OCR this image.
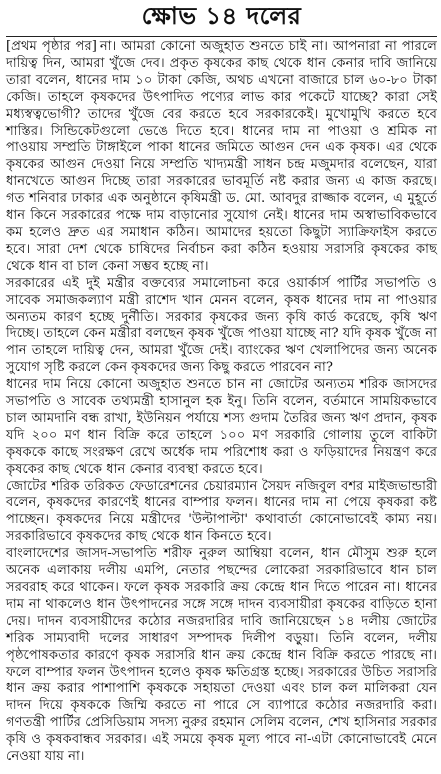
ক্ষোভ ১৪ দলের

[প্রথম পৃষ্ঠার পর] না। আমরা কোনো অজুহাত শুনতে চাই না। আপনারা না পারলে দায়িত্ব দিন, আমরা খুঁজে দেব। প্রকৃত কৃষকের কাছ থেকে ধান কেনার দাবি জানিয়ে তারা বলেন, ধানের দাম ১০ টাকা কেজি, অথচ এখনো বাজারে চাল ৬০-৮০ টাকা কেজি। তাহলে কৃষকদের উৎপাদিত পণ্যের লাভ কার পকেটে যাচ্ছে? কারা সেই মধ্যস্বত্বভোগী? তাদের খুঁজে বের করতে হবে সরকারকেই। মুখোমুখি করতে হবে শাস্তির। সিন্ডিকেটগুলো ভেঙে দিতে হবে। ধানের দাম না পাওয়া ও শ্রমিক না পাওয়ায় সম্প্রতি টাঙ্গাইলে পাকা ধানের জমিতে আগুন দেন এক কৃষক। এর থেকে কৃষকের আগুন দেওয়া নিয়ে সম্প্রতি খাদ্যমন্ত্রী সাধন চন্দ্র মজুমদার বলেছেন, যারা ধানখেতে আগুন দিচ্ছে তারা সরকারের ভাবমূর্তি নষ্ট করার জন্য এ কাজ করছে। গত শনিবার ঢাকার এক অনুষ্ঠানে কৃষিমন্ত্রী ড. মো. আবদুর রাজ্জাক বলেন, এ মুহূর্তে ধান কিনে সরকারের পক্ষে দাম বাড়ানোর সুযোগ নেই। ধানের দাম অস্বাভাবিকভাবে কম হলেও দ্রুত এর সমাধান কঠিন। আমাদের হয়তো কিছুটা স্যাক্রিফাইস করতে হবে। সারা দেশ থেকে চাষিদের নির্বাচন করা কঠিন হওয়ায় সরাসরি কৃষকের কাছ থেকে ধান বা চাল কেনা সম্ভব হচ্ছে না।

সরকারের এই দুই মন্ত্রীর বক্তব্যের সমালোচনা করে ওয়ার্কার্স পার্টির সভাপতি ও সাবেক সমাজকল্যাণ মন্ত্রী রাশেদ খান মেনন বলেন, কৃষক ধানের দাম না পাওয়ার অন্যতম কারণ হচ্ছে দুর্নীতি। সরকার কৃষকের জন্য কৃষি কার্ড করেছে, কৃষি ঋণ দিচ্ছে। তাহলে কেন মন্ত্রীরা বলছেন কৃষক খুঁজে পাওয়া যাচ্ছে না? যদি কৃষক খুঁজে না পান তাহলে দায়িত্ব দেন, আমরা খুঁজে দেই। ব্যাংকের ঋণ খেলাপিদের জন্য অনেক সুযোগ সৃষ্টি করলে কেন কৃষকদের জন্য কিছু করতে পারবেন না?

ধানের দাম নিয়ে কোনো অজুহাত শুনতে চান না জোটের অন্যতম শরিক জাসদের সভাপতি ও সাবেক তথ্যমন্ত্রী হাসানুল হক ইনু। তিনি বলেন, বর্তমানে সাময়িকভাবে চাল আমদানি বন্ধ রাখা, ইউনিয়ন পর্যায়ে শস্য গুদাম তৈরির জন্য ঋণ প্রদান, কৃষক যদি ২০০ মণ ধান বিক্রি করে তাহলে ১০০ মণ সরকারি গোলায় তুলে বাকিটা কৃষককে কাছে সংরক্ষণ রেখে অর্ধেক দাম পরিশোধ করা ও ফড়িয়াদের নিয়ন্ত্রণ করে কৃষকের কাছ থেকে ধান কেনার ব্যবস্থা করতে হবে।

জোটের শরিক তরিকত ফেডারেশনের চেয়ারম্যান সৈয়দ নজিবুল বশর মাইজভান্ডারী বলেন, কৃষকদের কারণেই ধানের বাম্পার ফলন। ধানের দাম না পেয়ে কৃষকরা কষ্ট পাচ্ছেন। কৃষকদের নিয়ে মন্ত্রীদের 'উল্টাপাল্টা' কথাবার্তা কোনোভাবেই কাম্য নয়। সরকারিভাবে কৃষকদের কাছ থেকে ধান কিনতে হবে।

বাংলাদেশের জাসদ-সভাপতি শরীফ নুরুল আম্বিয়া বলেন, ধান মৌসুম শুরু হলে অনেক এলাকায় দলীয় এমপি, নেতার পছন্দের লোকেরা সরকারিভাবে ধান চাল সরবরাহ করে থাকেন। ফলে কৃষক সরকারি ক্রয় কেন্দ্রে ধান দিতে পারেন না। ধানের দাম না থাকলেও ধান উৎপাদনের সঙ্গে সঙ্গে দাদন ব্যবসায়ীরা কৃষকের বাড়িতে হানা দেয়। দাদন ব্যবসায়ীদের কঠোর নজরদারির দাবি জানিয়েছেন ১৪ দলীয় জোটের শরিক সাম্যবাদী দলের সাধারণ সম্পাদক দিলীপ বড়ুয়া। তিনি বলেন, দলীয় পৃষ্ঠপোষকতার কারণে কৃষক সরাসরি ধান ক্রয় কেন্দ্রে ধান বিক্রি করতে পারছে না। ফলে বাম্পার ফলন উৎপাদন হলেও কৃষক ক্ষতিগ্রস্ত হচ্ছে। সরকারের উচিত সরাসরি ধান ক্রয় করার পাশাপাশি কৃষককে সহায়তা দেওয়া এবং চাল কল মালিকরা যেন দাদন দিয়ে কৃষককে জিম্মি করতে না পারে সে ব্যাপারে কঠোর নজরদারি করা। গণতন্ত্রী পার্টির প্রেসিডিয়াম সদস্য নুরুর রহমান সেলিম বলেন, শেখ হাসিনার সরকার কৃষি ও কৃষকবান্ধব সরকার। এই সময়ে কৃষক মূল্য পাবে না-এটা কোনোভাবেই মেনে নেওয়া যায় না।
